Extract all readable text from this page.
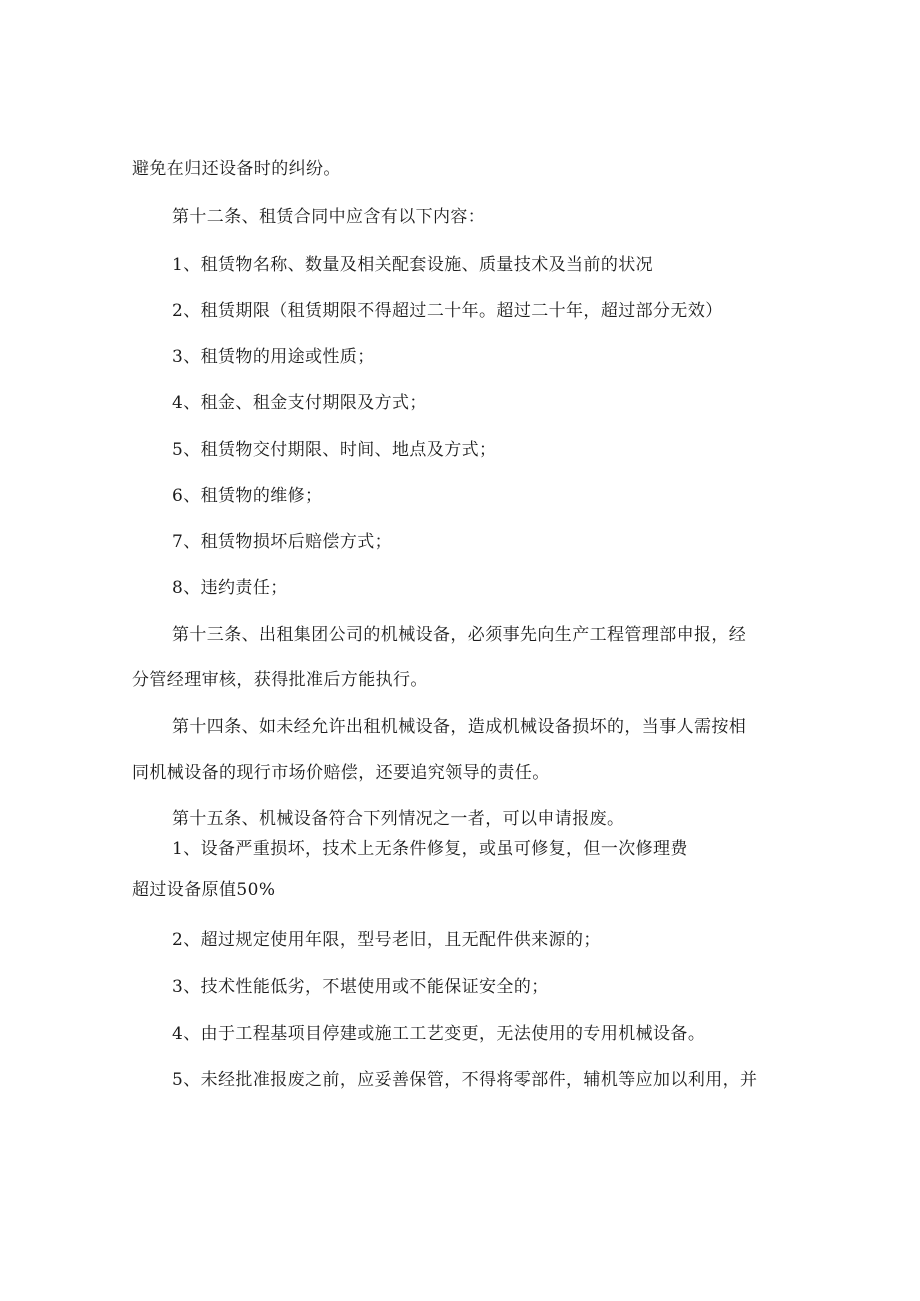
避免在归还设备时的纠纷。
第十二条、租赁合同中应含有以下内容：
1、租赁物名称、数量及相关配套设施、质量技术及当前的状况
2、租赁期限（租赁期限不得超过二十年。超过二十年，超过部分无效）
3、租赁物的用途或性质；
4、租金、租金支付期限及方式；
5、租赁物交付期限、时间、地点及方式；
6、租赁物的维修；
7、租赁物损坏后赔偿方式；
8、违约责任；
第十三条、出租集团公司的机械设备，必须事先向生产工程管理部申报，经
分管经理审核，获得批准后方能执行。
第十四条、如未经允许出租机械设备，造成机械设备损坏的，当事人需按相
同机械设备的现行市场价赔偿，还要追究领导的责任。
第十五条、机械设备符合下列情况之一者，可以申请报废。
1、设备严重损坏，技术上无条件修复，或虽可修复，但一次修理费
超过设备原值50%
2、超过规定使用年限，型号老旧，且无配件供来源的；
3、技术性能低劣，不堪使用或不能保证安全的；
4、由于工程基项目停建或施工工艺变更，无法使用的专用机械设备。
5、未经批准报废之前，应妥善保管，不得将零部件，辅机等应加以利用，并
